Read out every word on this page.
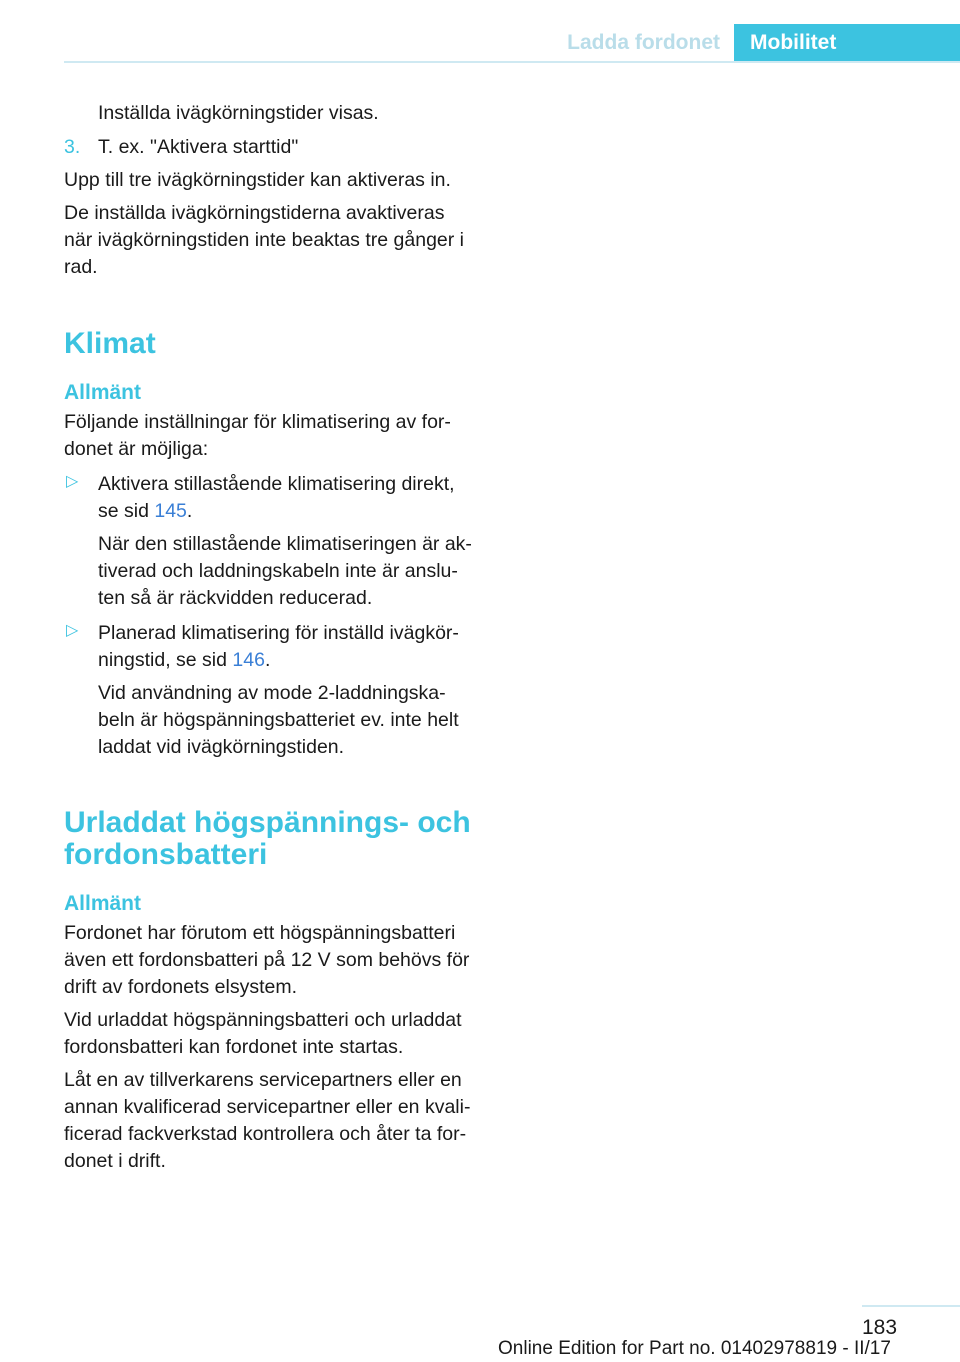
Ladda fordonet	Mobilitet

Inställda ivägkörningstider visas.

3. T. ex. "Aktivera starttid"

Upp till tre ivägkörningstider kan aktiveras in.

De inställda ivägkörningstiderna avaktiveras
när ivägkörningstiden inte beaktas tre gånger i
rad.

Klimat
Allmänt

Följande inställningar för klimatisering av for‐
donet är möjliga:

▷ Aktivera stillastående klimatisering direkt,
se sid 145.

När den stillastående klimatiseringen är ak‐
tiverad och laddningskabeln inte är anslu‐
ten så är räckvidden reducerad.

▷ Planerad klimatisering för inställd ivägkör‐
ningstid, se sid 146.

Vid användning av mode 2-laddningska‐
beln är högspänningsbatteriet ev. inte helt
laddat vid ivägkörningstiden.

Urladdat högspännings- och
fordonsbatteri
Allmänt

Fordonet har förutom ett högspänningsbatteri
även ett fordonsbatteri på 12 V som behövs för
drift av fordonets elsystem.

Vid urladdat högspänningsbatteri och urladdat
fordonsbatteri kan fordonet inte startas.

Låt en av tillverkarens servicepartners eller en
annan kvalificerad servicepartner eller en kvali‐
ficerad fackverkstad kontrollera och åter ta for‐
donet i drift.

183
Online Edition for Part no. 01402978819 - II/17
